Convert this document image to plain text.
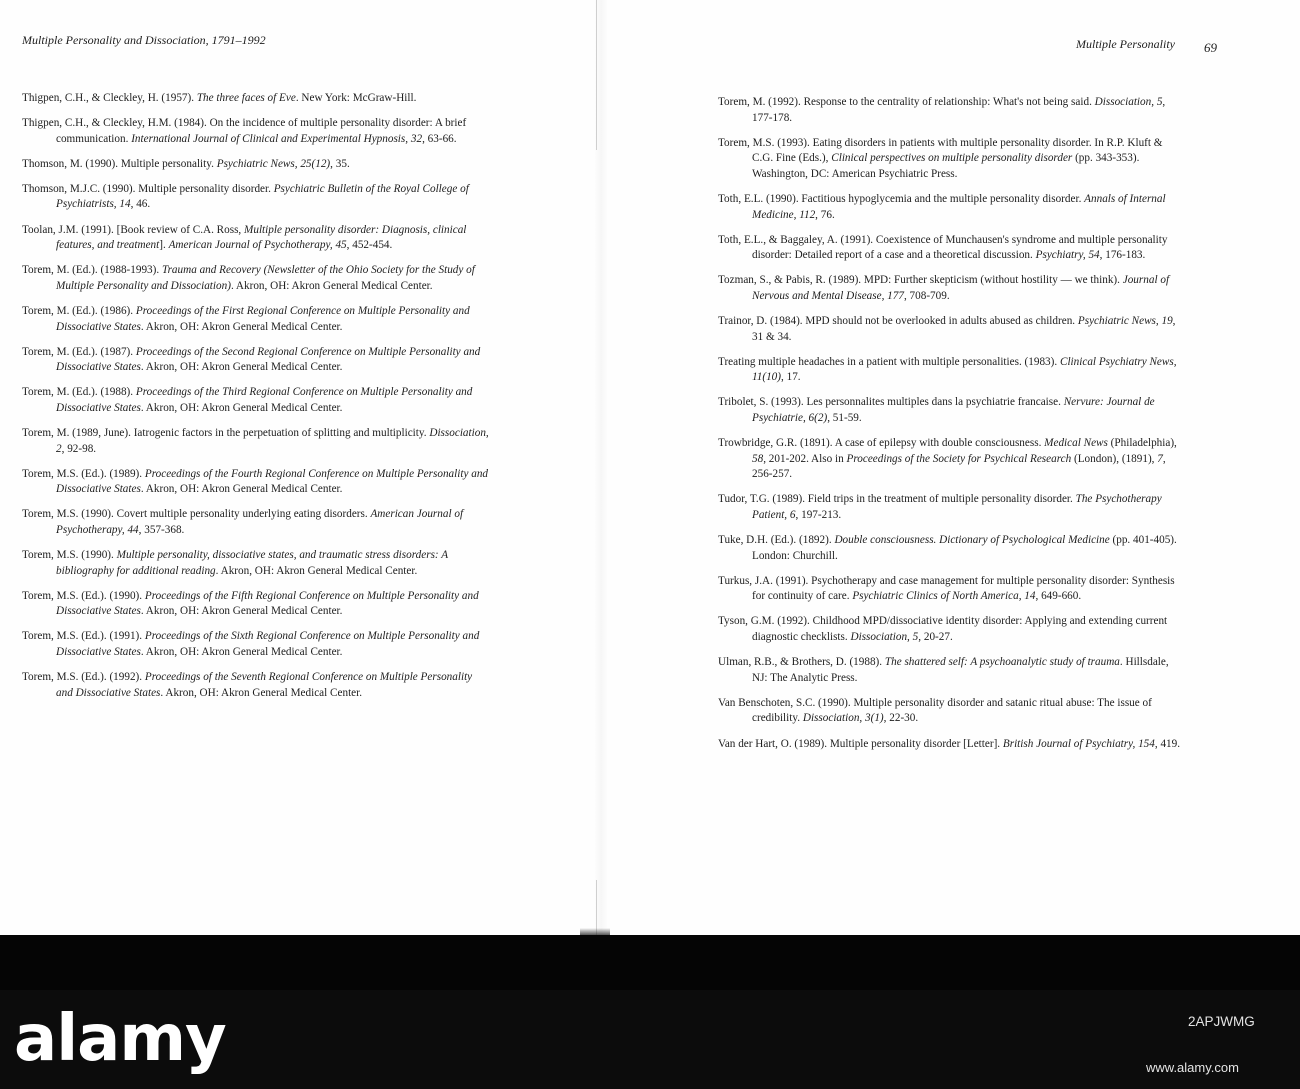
Multiple Personality and Dissociation, 1791–1992

Thigpen, C.H., & Cleckley, H. (1957). The three faces of Eve. New York: McGraw-Hill.
Thigpen, C.H., & Cleckley, H.M. (1984). On the incidence of multiple personality disorder: A brief communication. International Journal of Clinical and Experimental Hypnosis, 32, 63-66.
Thomson, M. (1990). Multiple personality. Psychiatric News, 25(12), 35.
Thomson, M.J.C. (1990). Multiple personality disorder. Psychiatric Bulletin of the Royal College of Psychiatrists, 14, 46.
Toolan, J.M. (1991). [Book review of C.A. Ross, Multiple personality disorder: Diagnosis, clinical features, and treatment]. American Journal of Psychotherapy, 45, 452-454.
Torem, M. (Ed.). (1988-1993). Trauma and Recovery (Newsletter of the Ohio Society for the Study of Multiple Personality and Dissociation). Akron, OH: Akron General Medical Center.
Torem, M. (Ed.). (1986). Proceedings of the First Regional Conference on Multiple Personality and Dissociative States. Akron, OH: Akron General Medical Center.
Torem, M. (Ed.). (1987). Proceedings of the Second Regional Conference on Multiple Personality and Dissociative States. Akron, OH: Akron General Medical Center.
Torem, M. (Ed.). (1988). Proceedings of the Third Regional Conference on Multiple Personality and Dissociative States. Akron, OH: Akron General Medical Center.
Torem, M. (1989, June). Iatrogenic factors in the perpetuation of splitting and multiplicity. Dissociation, 2, 92-98.
Torem, M.S. (Ed.). (1989). Proceedings of the Fourth Regional Conference on Multiple Personality and Dissociative States. Akron, OH: Akron General Medical Center.
Torem, M.S. (1990). Covert multiple personality underlying eating disorders. American Journal of Psychotherapy, 44, 357-368.
Torem, M.S. (1990). Multiple personality, dissociative states, and traumatic stress disorders: A bibliography for additional reading. Akron, OH: Akron General Medical Center.
Torem, M.S. (Ed.). (1990). Proceedings of the Fifth Regional Conference on Multiple Personality and Dissociative States. Akron, OH: Akron General Medical Center.
Torem, M.S. (Ed.). (1991). Proceedings of the Sixth Regional Conference on Multiple Personality and Dissociative States. Akron, OH: Akron General Medical Center.
Torem, M.S. (Ed.). (1992). Proceedings of the Seventh Regional Conference on Multiple Personality and Dissociative States. Akron, OH: Akron General Medical Center.

Multiple Personality 69

Torem, M. (1992). Response to the centrality of relationship: What's not being said. Dissociation, 5, 177-178.
Torem, M.S. (1993). Eating disorders in patients with multiple personality disorder. In R.P. Kluft & C.G. Fine (Eds.), Clinical perspectives on multiple personality disorder (pp. 343-353). Washington, DC: American Psychiatric Press.
Toth, E.L. (1990). Factitious hypoglycemia and the multiple personality disorder. Annals of Internal Medicine, 112, 76.
Toth, E.L., & Baggaley, A. (1991). Coexistence of Munchausen's syndrome and multiple personality disorder: Detailed report of a case and a theoretical discussion. Psychiatry, 54, 176-183.
Tozman, S., & Pabis, R. (1989). MPD: Further skepticism (without hostility — we think). Journal of Nervous and Mental Disease, 177, 708-709.
Trainor, D. (1984). MPD should not be overlooked in adults abused as children. Psychiatric News, 19, 31 & 34.
Treating multiple headaches in a patient with multiple personalities. (1983). Clinical Psychiatry News, 11(10), 17.
Tribolet, S. (1993). Les personnalites multiples dans la psychiatrie francaise. Nervure: Journal de Psychiatrie, 6(2), 51-59.
Trowbridge, G.R. (1891). A case of epilepsy with double consciousness. Medical News (Philadelphia), 58, 201-202. Also in Proceedings of the Society for Psychical Research (London), (1891), 7, 256-257.
Tudor, T.G. (1989). Field trips in the treatment of multiple personality disorder. The Psychotherapy Patient, 6, 197-213.
Tuke, D.H. (Ed.). (1892). Double consciousness. Dictionary of Psychological Medicine (pp. 401-405). London: Churchill.
Turkus, J.A. (1991). Psychotherapy and case management for multiple personality disorder: Synthesis for continuity of care. Psychiatric Clinics of North America, 14, 649-660.
Tyson, G.M. (1992). Childhood MPD/dissociative identity disorder: Applying and extending current diagnostic checklists. Dissociation, 5, 20-27.
Ulman, R.B., & Brothers, D. (1988). The shattered self: A psychoanalytic study of trauma. Hillsdale, NJ: The Analytic Press.
Van Benschoten, S.C. (1990). Multiple personality disorder and satanic ritual abuse: The issue of credibility. Dissociation, 3(1), 22-30.
Van der Hart, O. (1989). Multiple personality disorder [Letter]. British Journal of Psychiatry, 154, 419.

alamy	2APJWMG

www.alamy.com
